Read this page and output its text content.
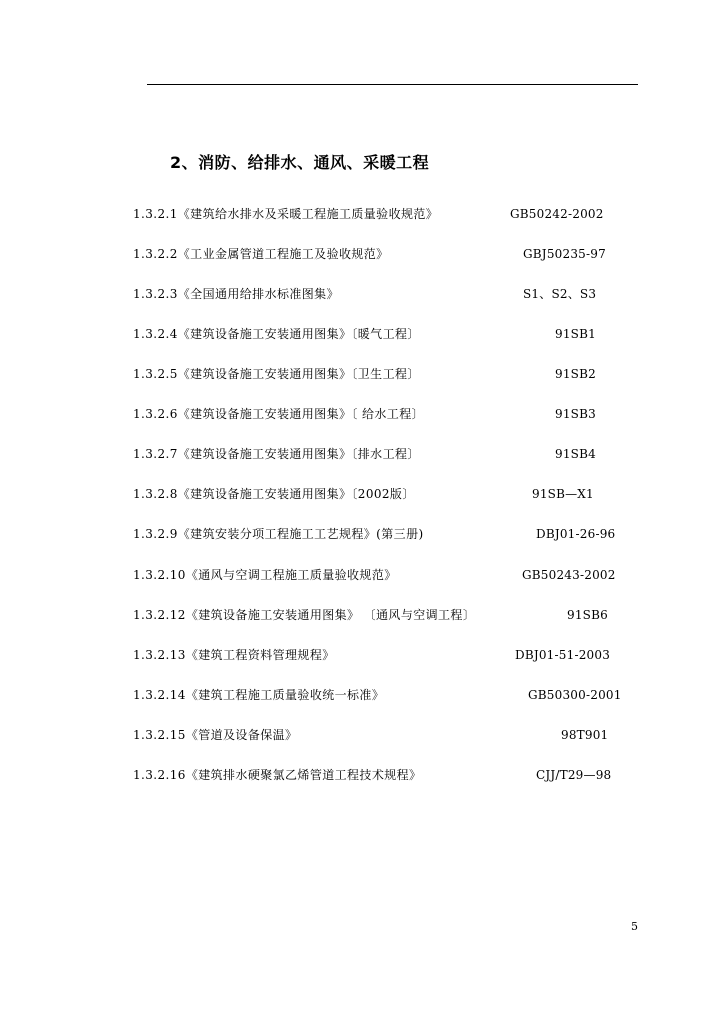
2、消防、给排水、通风、采暖工程
1.3.2.1《建筑给水排水及采暖工程施工质量验收规范》	GB50242-2002
1.3.2.2《工业金属管道工程施工及验收规范》	GBJ50235-97
1.3.2.3《全国通用给排水标准图集》	S1、S2、S3
1.3.2.4《建筑设备施工安装通用图集》〔暖气工程〕	91SB1
1.3.2.5《建筑设备施工安装通用图集》〔卫生工程〕	91SB2
1.3.2.6《建筑设备施工安装通用图集》〔 给水工程〕	91SB3
1.3.2.7《建筑设备施工安装通用图集》〔排水工程〕	91SB4
1.3.2.8《建筑设备施工安装通用图集》〔2002版〕	91SB—X1
1.3.2.9《建筑安装分项工程施工工艺规程》(第三册)	DBJ01-26-96
1.3.2.10《通风与空调工程施工质量验收规范》	GB50243-2002
1.3.2.12《建筑设备施工安装通用图集》 〔通风与空调工程〕	91SB6
1.3.2.13《建筑工程资料管理规程》	DBJ01-51-2003
1.3.2.14《建筑工程施工质量验收统一标准》	GB50300-2001
1.3.2.15《管道及设备保温》	98T901
1.3.2.16《建筑排水硬聚氯乙烯管道工程技术规程》	CJJ/T29—98
5
